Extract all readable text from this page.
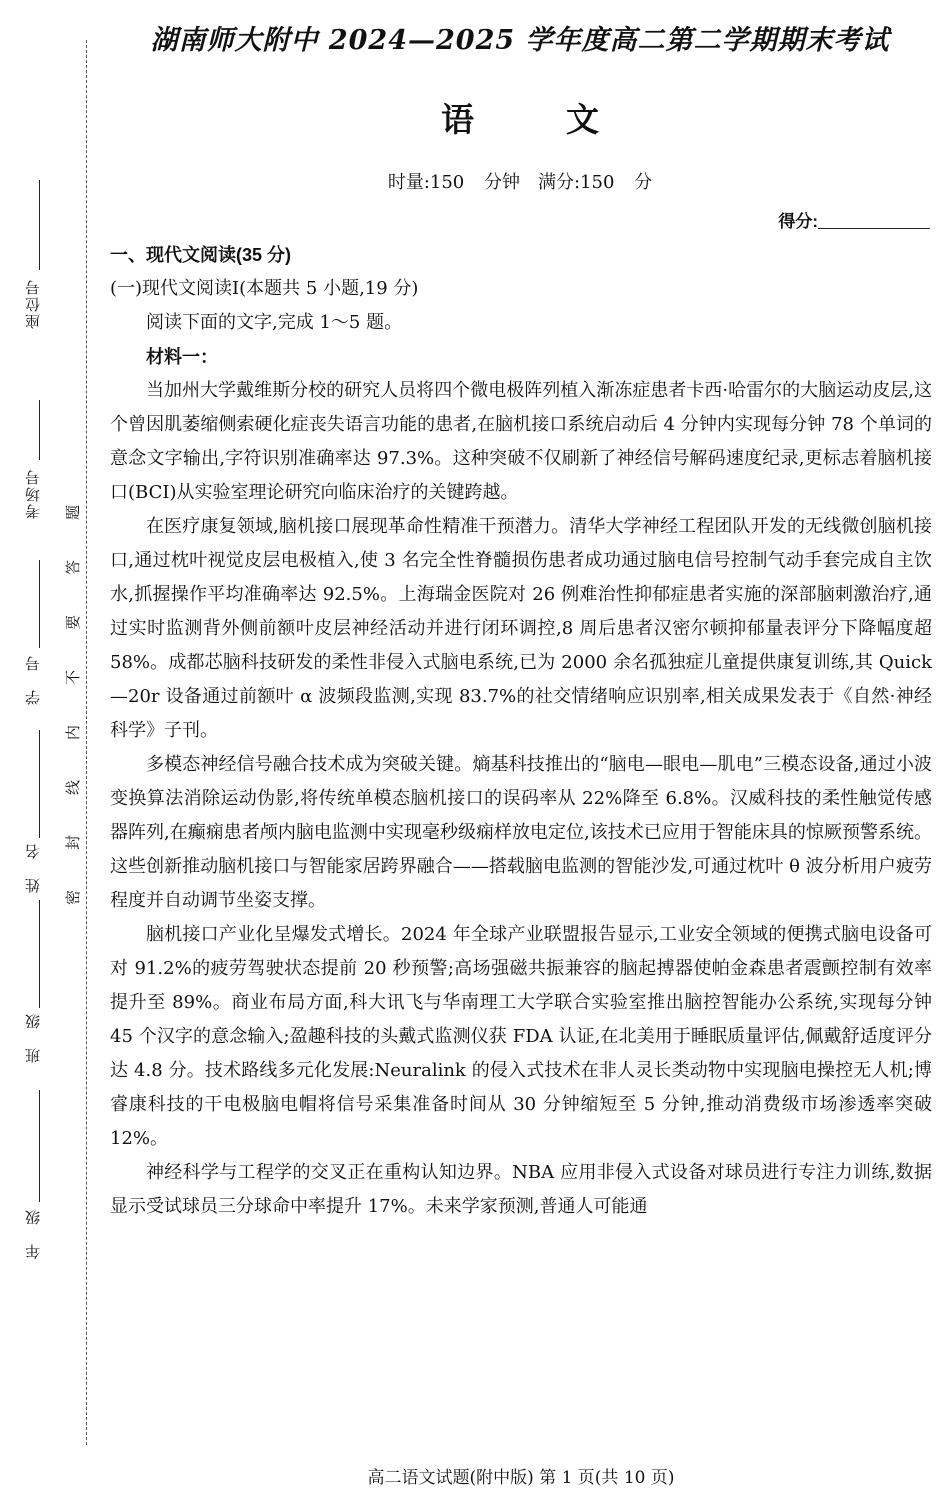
座位号
考场号
学　号
姓　名
班　级
年　级
题
答
要
不
内
线
封
密
湖南师大附中 2024—2025 学年度高二第二学期期末考试
语文
时量:150 分钟　满分:150 分
得分:

一、现代文阅读(35 分)

(一)现代文阅读Ⅰ(本题共 5 小题,19 分)

阅读下面的文字,完成 1～5 题。

材料一：

当加州大学戴维斯分校的研究人员将四个微电极阵列植入渐冻症患者卡西·哈雷尔的大脑运动皮层,这个曾因肌萎缩侧索硬化症丧失语言功能的患者,在脑机接口系统启动后 4 分钟内实现每分钟 78 个单词的意念文字输出,字符识别准确率达 97.3%。这种突破不仅刷新了神经信号解码速度纪录,更标志着脑机接口(BCI)从实验室理论研究向临床治疗的关键跨越。

在医疗康复领域,脑机接口展现革命性精准干预潜力。清华大学神经工程团队开发的无线微创脑机接口,通过枕叶视觉皮层电极植入,使 3 名完全性脊髓损伤患者成功通过脑电信号控制气动手套完成自主饮水,抓握操作平均准确率达 92.5%。上海瑞金医院对 26 例难治性抑郁症患者实施的深部脑刺激治疗,通过实时监测背外侧前额叶皮层神经活动并进行闭环调控,8 周后患者汉密尔顿抑郁量表评分下降幅度超 58%。成都芯脑科技研发的柔性非侵入式脑电系统,已为 2000 余名孤独症儿童提供康复训练,其 Quick—20r 设备通过前额叶 α 波频段监测,实现 83.7%的社交情绪响应识别率,相关成果发表于《自然·神经科学》子刊。

多模态神经信号融合技术成为突破关键。熵基科技推出的“脑电—眼电—肌电”三模态设备,通过小波变换算法消除运动伪影,将传统单模态脑机接口的误码率从 22%降至 6.8%。汉威科技的柔性触觉传感器阵列,在癫痫患者颅内脑电监测中实现毫秒级痫样放电定位,该技术已应用于智能床具的惊厥预警系统。这些创新推动脑机接口与智能家居跨界融合——搭载脑电监测的智能沙发,可通过枕叶 θ 波分析用户疲劳程度并自动调节坐姿支撑。

脑机接口产业化呈爆发式增长。2024 年全球产业联盟报告显示,工业安全领域的便携式脑电设备可对 91.2%的疲劳驾驶状态提前 20 秒预警;高场强磁共振兼容的脑起搏器使帕金森患者震颤控制有效率提升至 89%。商业布局方面,科大讯飞与华南理工大学联合实验室推出脑控智能办公系统,实现每分钟 45 个汉字的意念输入;盈趣科技的头戴式监测仪获 FDA 认证,在北美用于睡眠质量评估,佩戴舒适度评分达 4.8 分。技术路线多元化发展:Neuralink 的侵入式技术在非人灵长类动物中实现脑电操控无人机;博睿康科技的干电极脑电帽将信号采集准备时间从 30 分钟缩短至 5 分钟,推动消费级市场渗透率突破 12%。

神经科学与工程学的交叉正在重构认知边界。NBA 应用非侵入式设备对球员进行专注力训练,数据显示受试球员三分球命中率提升 17%。未来学家预测,普通人可能通

高二语文试题(附中版) 第 1 页(共 10 页)
